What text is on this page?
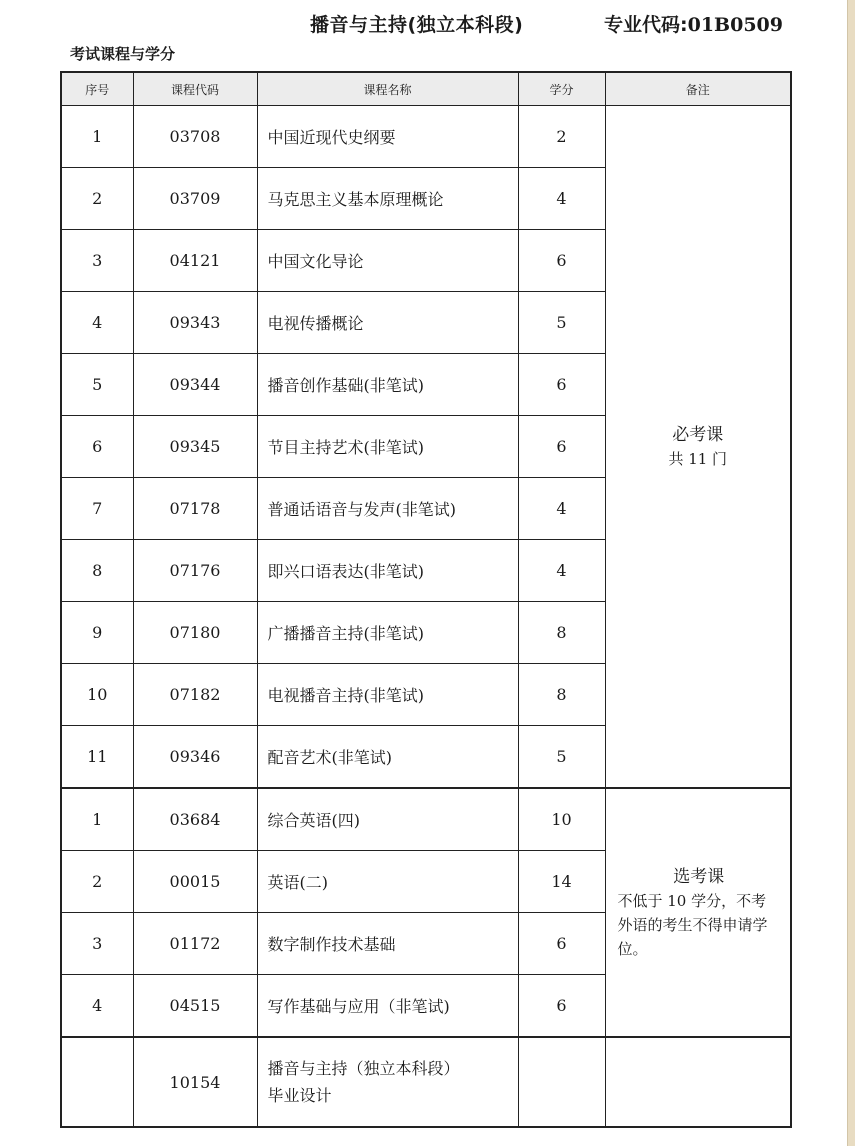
播音与主持(独立本科段)	专业代码:01B0509
考试课程与学分
序号	课程代码	课程名称	学分	备注
1	03708	中国近现代史纲要	2	必考课
共 11 门
2	03709	马克思主义基本原理概论	4	
3	04121	中国文化导论	6	
4	09343	电视传播概论	5	
5	09344	播音创作基础(非笔试)	6	
6	09345	节目主持艺术(非笔试)	6	
7	07178	普通话语音与发声(非笔试)	4	
8	07176	即兴口语表达(非笔试)	4	
9	07180	广播播音主持(非笔试)	8	
10	07182	电视播音主持(非笔试)	8	
11	09346	配音艺术(非笔试)	5	
1	03684	综合英语(四)	10	选考课
不低于 10 学分，不考外语的考生不得申请学位。
2	00015	英语(二)	14	
3	01172	数字制作技术基础	6	
4	04515	写作基础与应用（非笔试)	6	
	10154	播音与主持（独立本科段）
毕业设计		
